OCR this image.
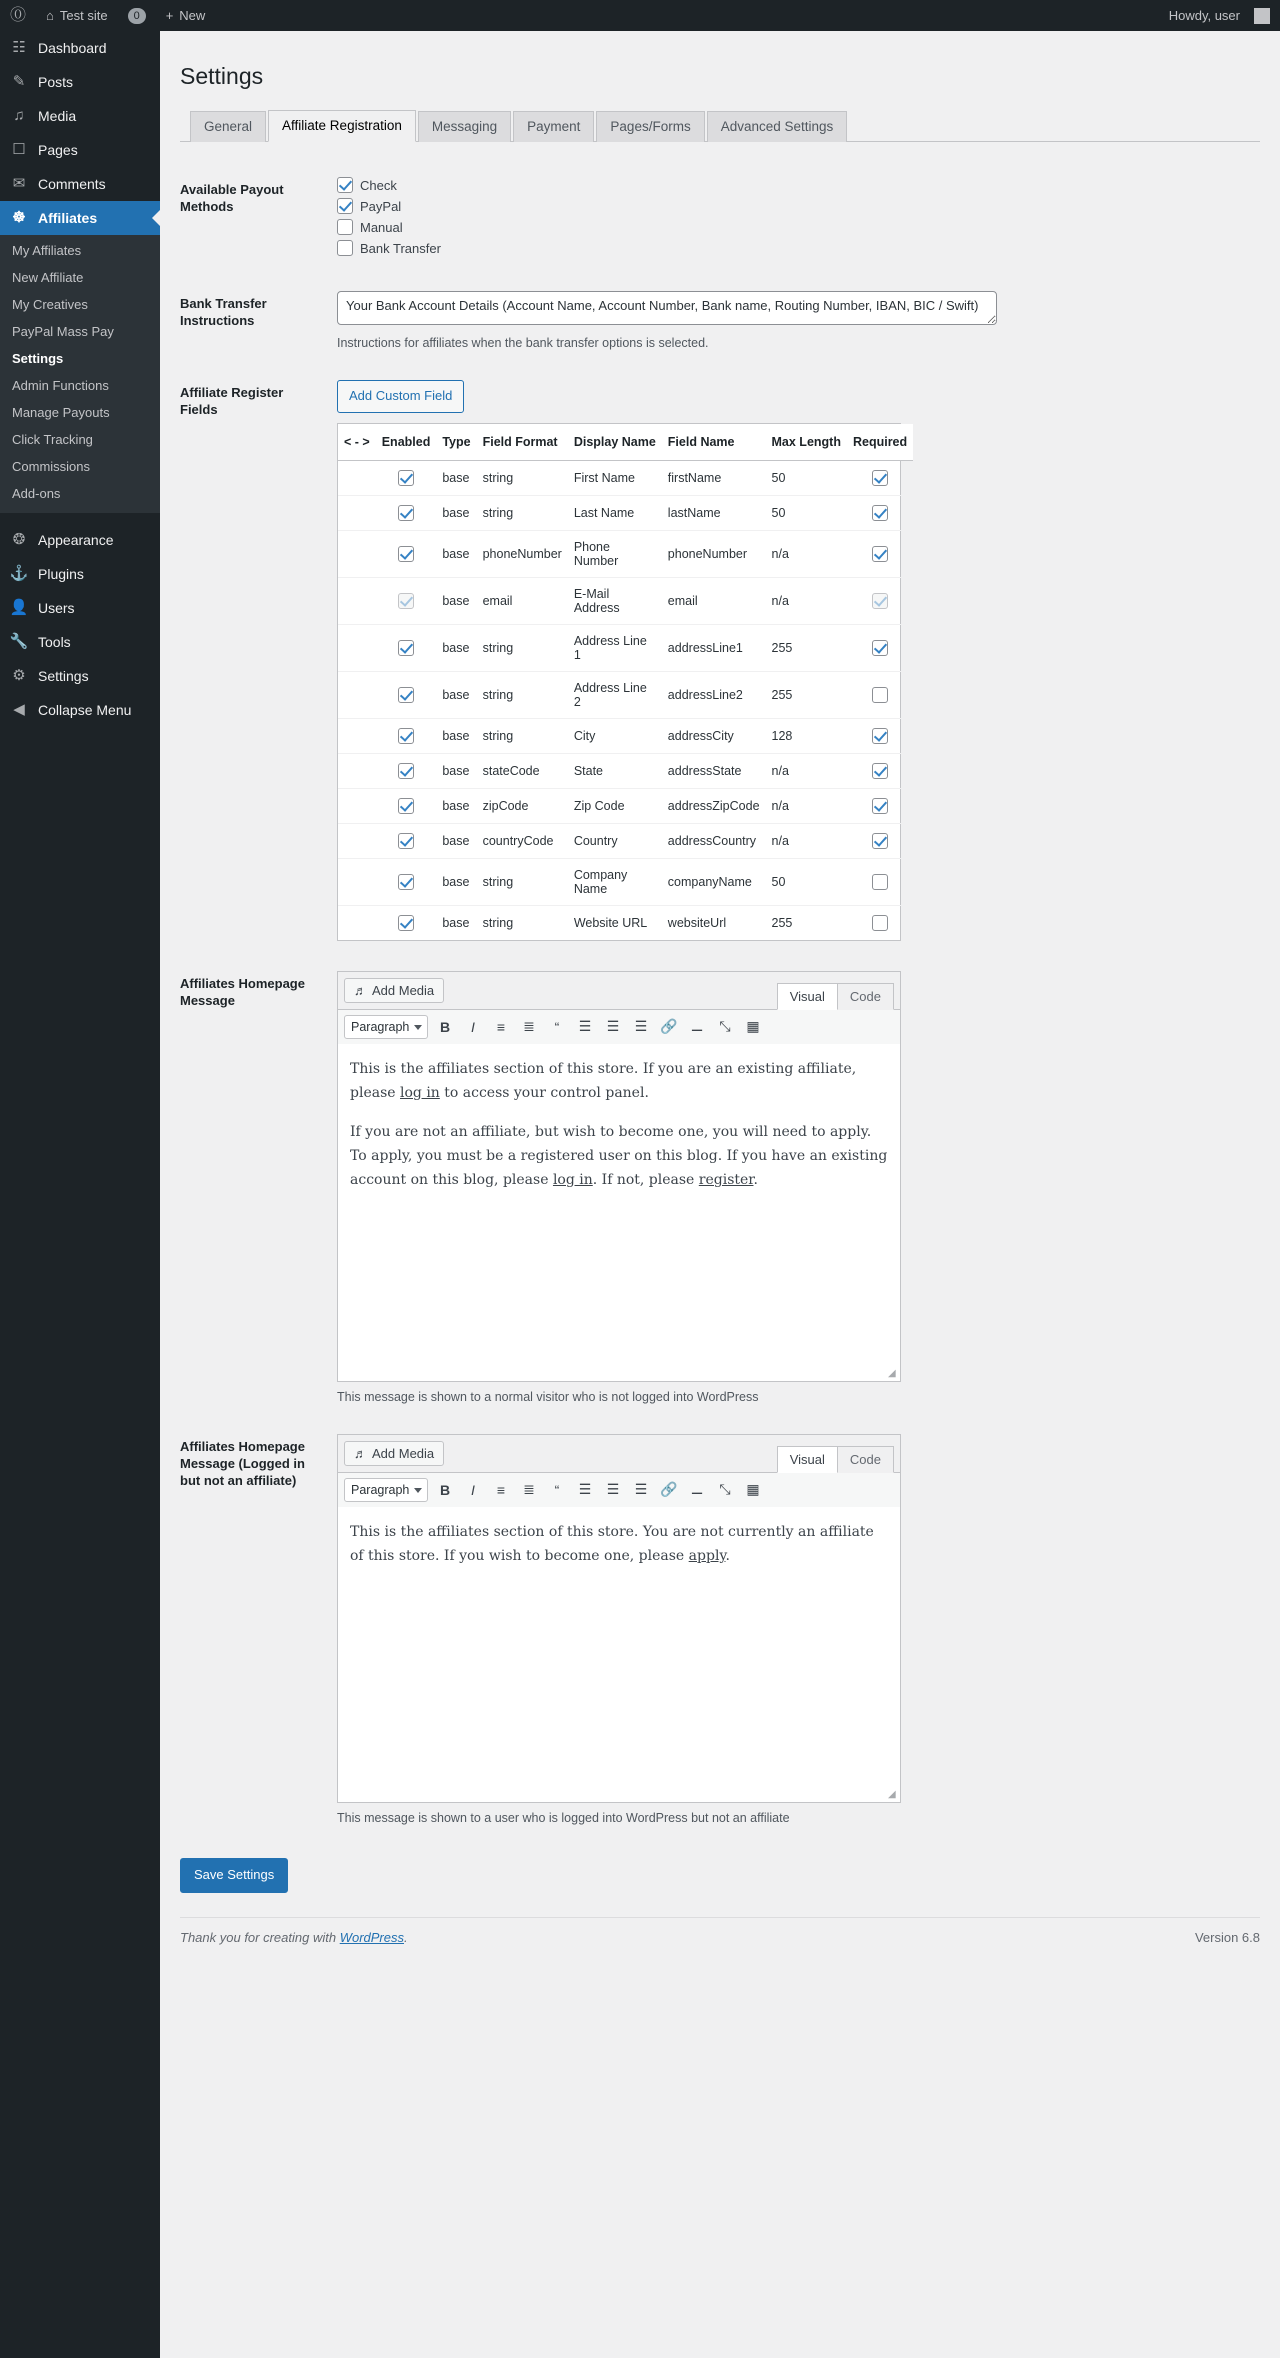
⓪ ⌂ Test site	0	+ New	Howdy, user
☷ Dashboard
✎ Posts
♫ Media
☐ Pages
✉ Comments
☸ Affiliates
My Affiliates
New Affiliate
My Creatives
PayPal Mass Pay
Settings
Admin Functions
Manage Payouts
Click Tracking
Commissions
Add-ons
❂ Appearance
⚓ Plugins
👤 Users
🔧 Tools
⚙ Settings
◀ Collapse Menu
Settings
General	Affiliate Registration	Messaging	Payment	Pages/Forms	Advanced Settings
Available Payout Methods	
Check
PayPal
Manual
Bank Transfer

Bank Transfer Instructions	Your Bank Account Details (Account Name, Account Number, Bank name, Routing Number, IBAN, BIC / Swift)

Instructions for affiliates when the bank transfer options is selected.

Affiliate Register Fields	Add Custom Field
< - >	Enabled	Type	Field Format	Display Name	Field Name	Max Length	Required
		base	string	First Name	firstName	50	
		base	string	Last Name	lastName	50	
		base	phoneNumber	Phone Number	phoneNumber	n/a	
		base	email	E-Mail Address	email	n/a	
		base	string	Address Line 1	addressLine1	255	
		base	string	Address Line 2	addressLine2	255	
		base	string	City	addressCity	128	
		base	stateCode	State	addressState	n/a	
		base	zipCode	Zip Code	addressZipCode	n/a	
		base	countryCode	Country	addressCountry	n/a	
		base	string	Company Name	companyName	50	
		base	string	Website URL	websiteUrl	255	

Affiliates Homepage Message	
♬ Add Media	Visual	Code
Paragraph B I	≡	≣	“	☰	☰	☰ 🔗 ⚊	⤡	▦

This is the affiliates section of this store. If you are an existing affiliate, please log in to access your control panel.

If you are not an affiliate, but wish to become one, you will need to apply. To apply, you must be a registered user on this blog. If you have an existing account on this blog, please log in. If not, please register.

◢

This message is shown to a normal visitor who is not logged into WordPress

Affiliates Homepage Message (Logged in but not an affiliate)	
♬ Add Media	Visual	Code
Paragraph B I	≡	≣	“	☰	☰	☰ 🔗 ⚊	⤡	▦

This is the affiliates section of this store. You are not currently an affiliate of this store. If you wish to become one, please apply.

◢

This message is shown to a user who is logged into WordPress but not an affiliate

Save Settings
Thank you for creating with WordPress.	Version 6.8
